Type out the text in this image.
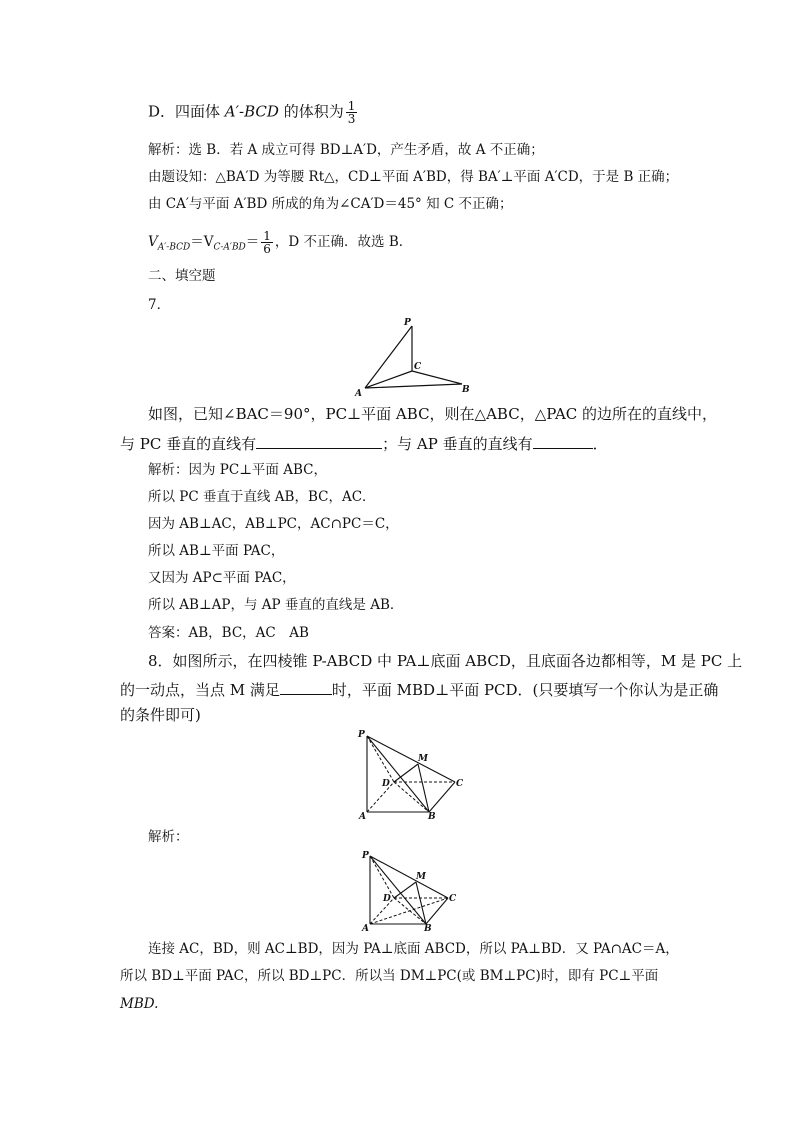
D．四面体 A′-BCD 的体积为 $\frac{1}{3}$
解析：选 B．若 A 成立可得 BD⊥A′D，产生矛盾，故 A 不正确；
由题设知：△BA′D 为等腰 Rt△，CD⊥平面 A′BD，得 BA′⊥平面 A′CD，于是 B 正确；
由 CA′与平面 A′BD 所成的角为∠CA′D＝45° 知 C 不正确；
$V_{A'-BCD}=V_{C-A'BD}= \frac{1}{6}$ ，D 不正确．故选 B．
二、填空题
7．
P
C
A	B
如图，已知∠BAC＝90°，PC⊥平面 ABC，则在△ABC，△PAC 的边所在的直线中，
与 PC 垂直的直线有	；与 AP 垂直的直线有	．
解析：因为 PC⊥平面 ABC，
所以 PC 垂直于直线 AB，BC，AC．
因为 AB⊥AC，AB⊥PC，AC∩PC＝C，
所以 AB⊥平面 PAC，
又因为 AP⊂平面 PAC，
所以 AB⊥AP，与 AP 垂直的直线是 AB．
答案：AB，BC，AC　AB
8．如图所示，在四棱锥 P-ABCD 中 PA⊥底面 ABCD，且底面各边都相等，M 是 PC 上
的一动点，当点 M 满足	时，平面 MBD⊥平面 PCD．(只要填写一个你认为是正确
的条件即可)
P
M
D	C
A	B
解析：
P
M
D	C
A	B
连接 AC，BD，则 AC⊥BD，因为 PA⊥底面 ABCD，所以 PA⊥BD．又 PA∩AC＝A，
所以 BD⊥平面 PAC，所以 BD⊥PC．所以当 DM⊥PC(或 BM⊥PC)时，即有 PC⊥平面
MBD.
